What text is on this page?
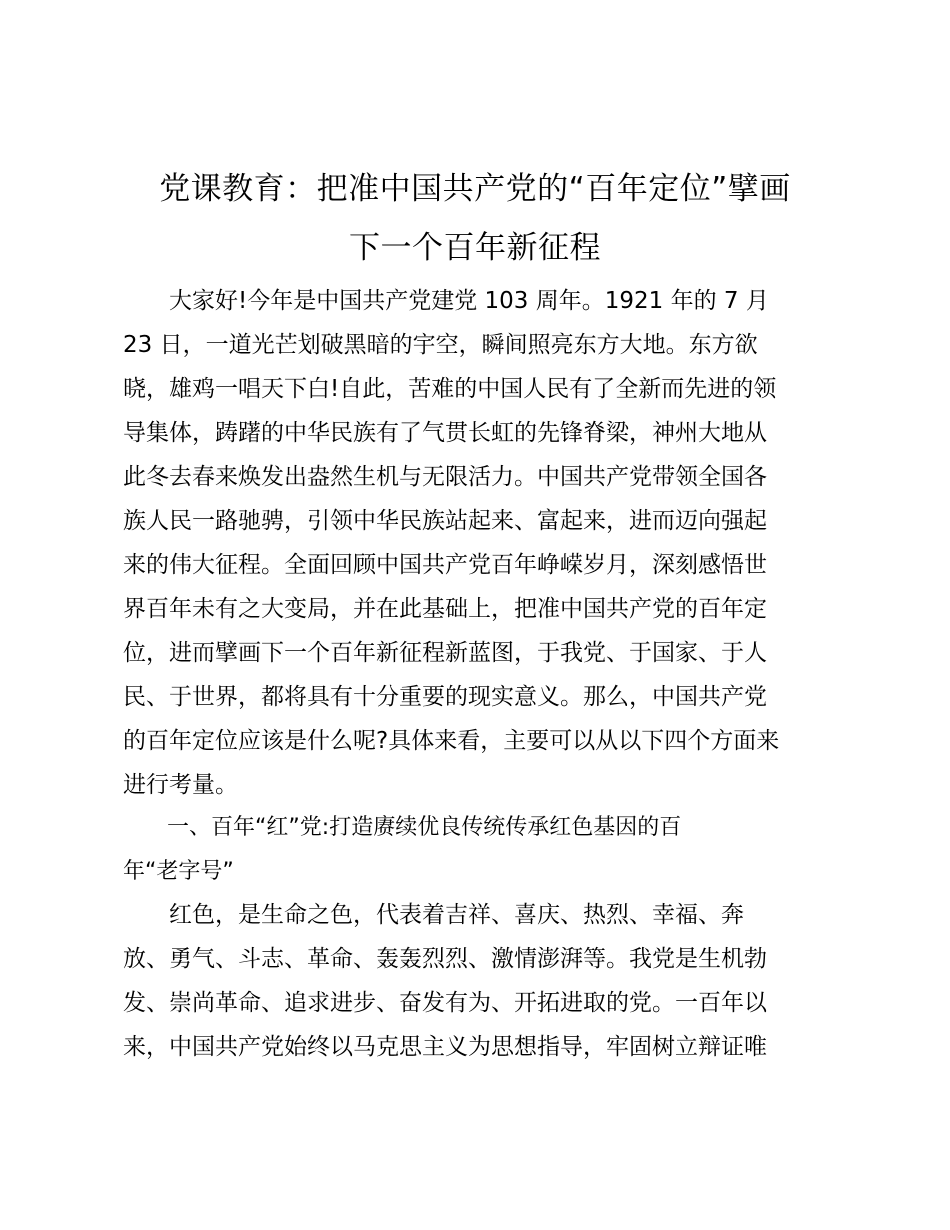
党课教育：把准中国共产党的“百年定位”擘画
下一个百年新征程
　　大家好!今年是中国共产党建党 103 周年。1921 年的 7 月
23 日，一道光芒划破黑暗的宇空，瞬间照亮东方大地。东方欲
晓，雄鸡一唱天下白!自此，苦难的中国人民有了全新而先进的领
导集体，踌躇的中华民族有了气贯长虹的先锋脊梁，神州大地从
此冬去春来焕发出盎然生机与无限活力。中国共产党带领全国各
族人民一路驰骋，引领中华民族站起来、富起来，进而迈向强起
来的伟大征程。全面回顾中国共产党百年峥嵘岁月，深刻感悟世
界百年未有之大变局，并在此基础上，把准中国共产党的百年定
位，进而擘画下一个百年新征程新蓝图，于我党、于国家、于人
民、于世界，都将具有十分重要的现实意义。那么，中国共产党
的百年定位应该是什么呢?具体来看，主要可以从以下四个方面来
进行考量。
　　一、百年“红”党:打造赓续优良传统传承红色基因的百
年“老字号”
　　红色，是生命之色，代表着吉祥、喜庆、热烈、幸福、奔
放、勇气、斗志、革命、轰轰烈烈、激情澎湃等。我党是生机勃
发、崇尚革命、追求进步、奋发有为、开拓进取的党。一百年以
来，中国共产党始终以马克思主义为思想指导，牢固树立辩证唯
